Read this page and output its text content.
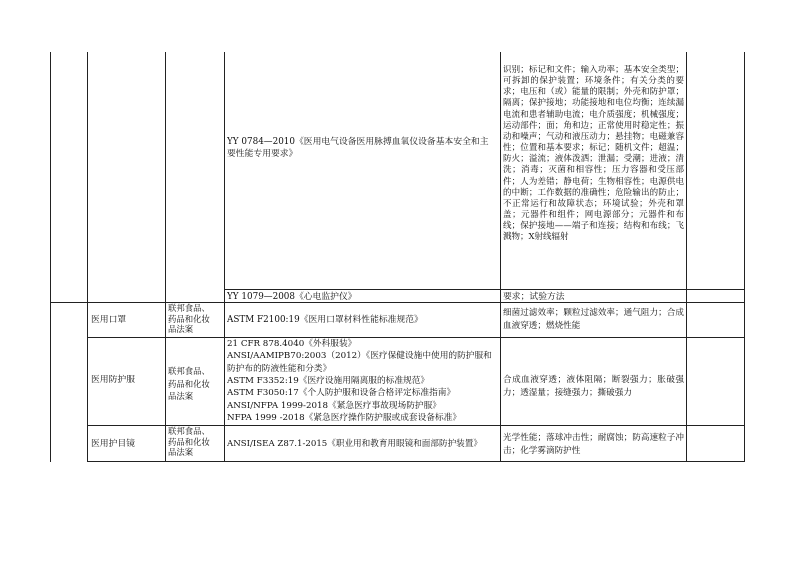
YY 0784—2010《医用电气设备医用脉搏血氧仪设备基本安全和主要性能专用要求》
识别；标记和文件；输入功率；基本安全类型；可拆卸的保护装置；环境条件；有关分类的要求；电压和（或）能量的限制；外壳和防护罩；隔离；保护接地；功能接地和电位均衡；连续漏电流和患者辅助电流；电介质强度；机械强度；运动部件；面；角和边；正常使用时稳定性；振动和噪声；气动和液压动力；悬挂物；电磁兼容性；位置和基本要求；标记；随机文件；超温；防火；溢流；液体泼洒；泄漏；受潮；进液；清洗；消毒；灭菌和相容性；压力容器和受压部件；人为差错；静电荷；生物相容性；电源供电的中断；工作数据的准确性；危险输出的防止；不正常运行和故障状态；环境试验；外壳和罩盖；元器件和组件；网电源部分；元器件和布线；保护接地——端子和连接；结构和布线；飞溅物；X射线辐射
YY 1079—2008《心电监护仪》	要求；试验方法
医用口罩
联邦食品、
药品和化妆
品法案
ASTM F2100:19《医用口罩材料性能标准规范》
细菌过滤效率；颗粒过滤效率；通气阻力；合成血液穿透；燃烧性能
医用防护服
联邦食品、
药品和化妆
品法案
21 CFR 878.4040《外科服装》
ANSI/AAMIPB70:2003（2012）《医疗保健设施中使用的防护服和
防护布的防液性能和分类》
ASTM F3352:19《医疗设施用隔离服的标准规范》
ASTM F3050:17《个人防护服和设备合格评定标准指南》
ANSI/NFPA 1999-2018《紧急医疗事故现场防护服》
NFPA 1999 -2018《紧急医疗操作防护服或成套设备标准》
合成血液穿透；液体阻隔；断裂强力；胀破强力；透湿量；接缝强力；撕破强力
医用护目镜
联邦食品、
药品和化妆
品法案
ANSI/ISEA Z87.1-2015《职业用和教育用眼镜和面部防护装置》
光学性能；落球冲击性；耐腐蚀；防高速粒子冲击；化学雾滴防护性
